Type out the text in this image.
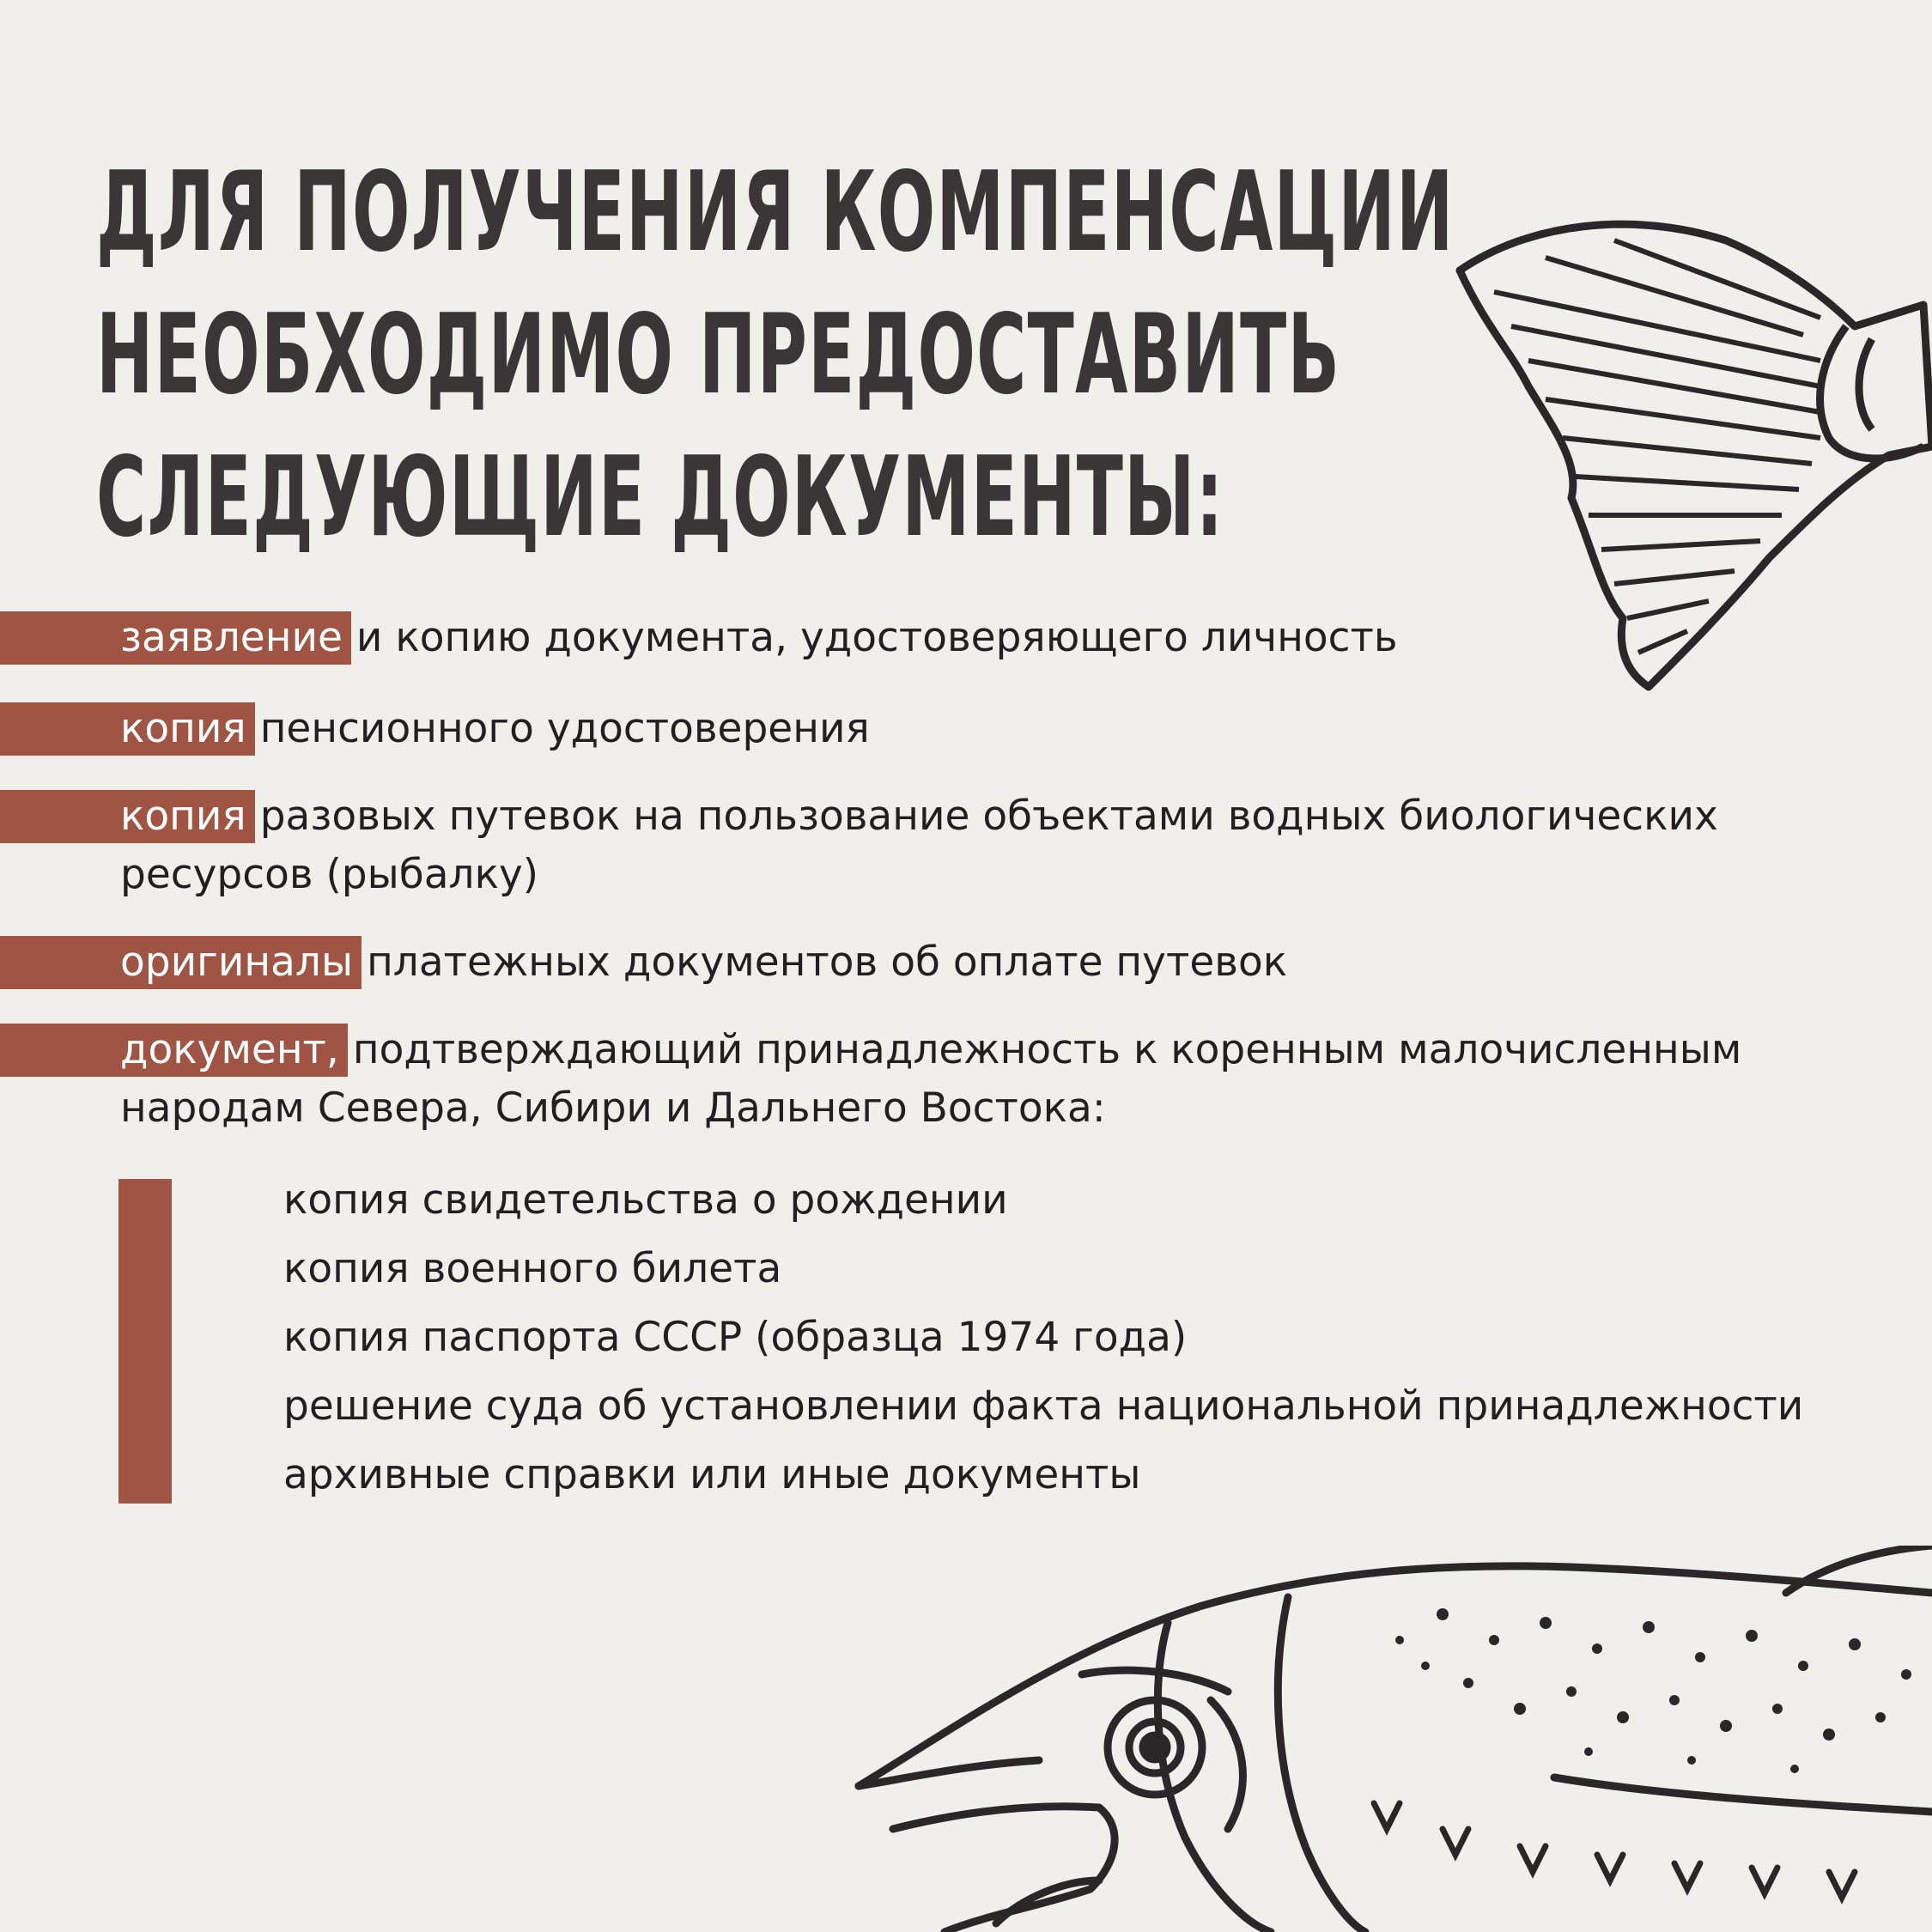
ДЛЯ ПОЛУЧЕНИЯ КОМПЕНСАЦИИ
НЕОБХОДИМО ПРЕДОСТАВИТЬ
СЛЕДУЮЩИЕ ДОКУМЕНТЫ:
заявление и копию документа, удостоверяющего личность
копия пенсионного удостоверения
копия разовых путевок на пользование объектами водных биологических
ресурсов (рыбалку)
оригиналы платежных документов об оплате путевок
документ, подтверждающий принадлежность к коренным малочисленным
народам Севера, Сибири и Дальнего Востока:
копия свидетельства о рождении
копия военного билета
копия паспорта СССР (образца 1974 года)
решение суда об установлении факта национальной принадлежности
архивные справки или иные документы
